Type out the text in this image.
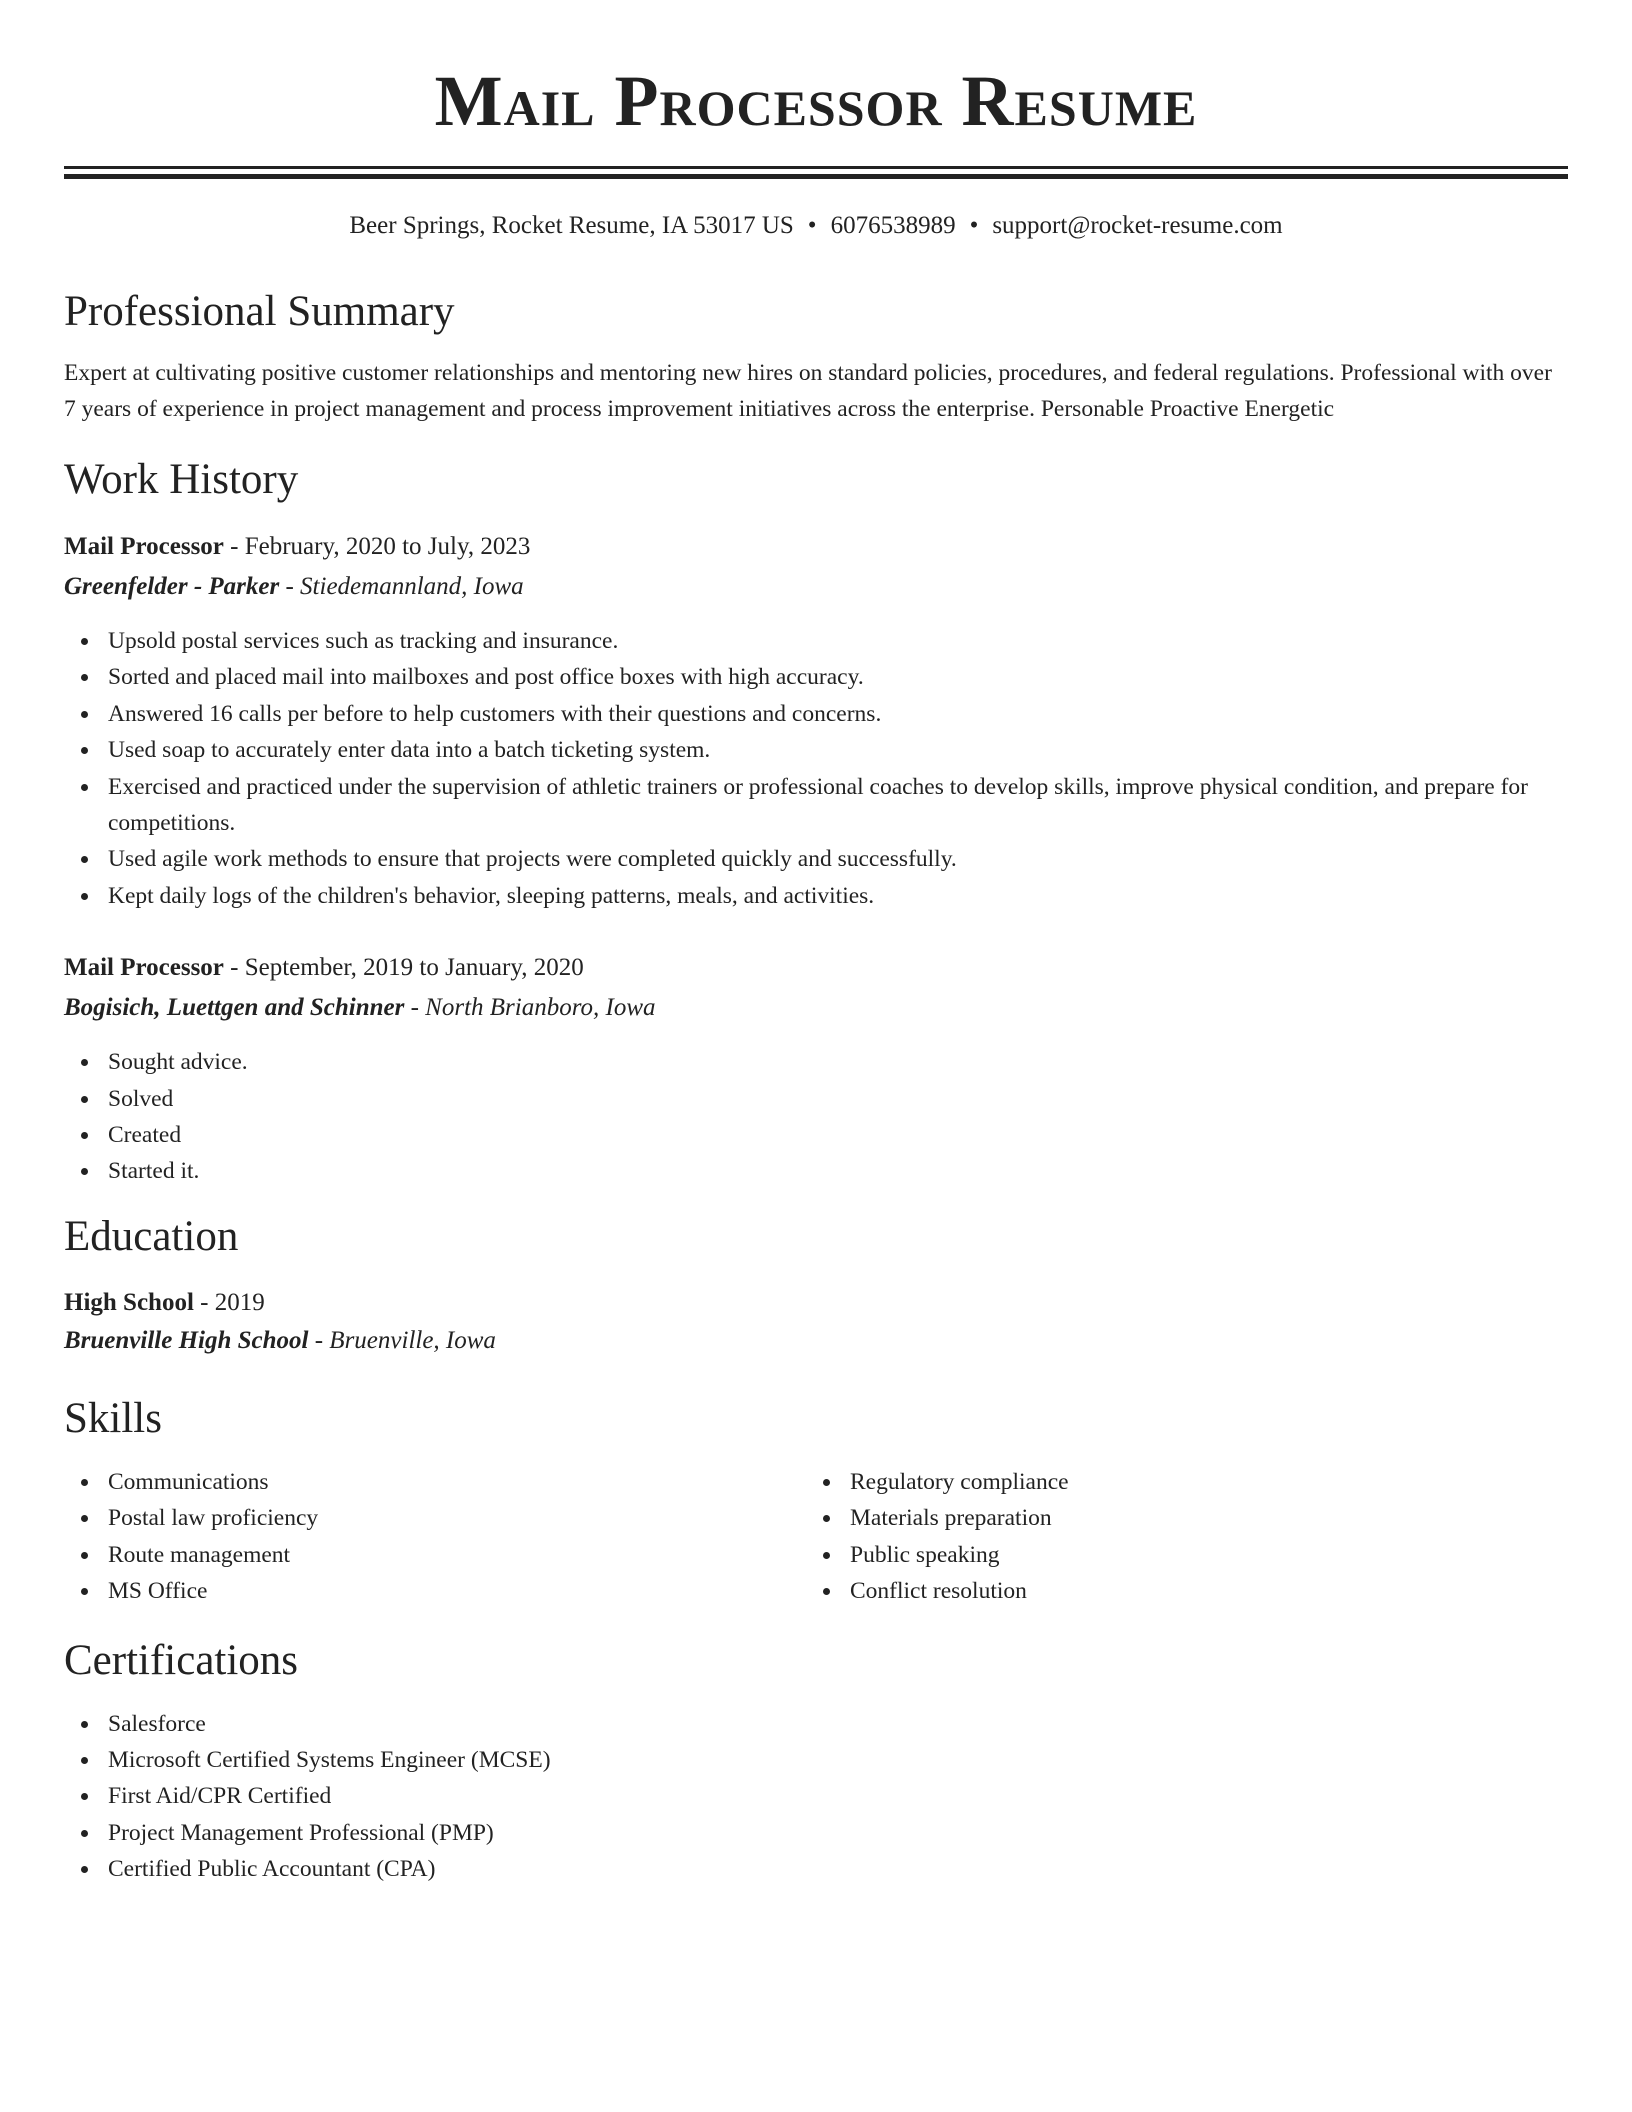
Mail Processor Resume
Beer Springs, Rocket Resume, IA 53017 US • 6076538989 • support@rocket-resume.com
Professional Summary
Expert at cultivating positive customer relationships and mentoring new hires on standard policies, procedures, and federal regulations. Professional with over 7 years of experience in project management and process improvement initiatives across the enterprise. Personable Proactive Energetic
Work History
Mail Processor - February, 2020 to July, 2023
Greenfelder - Parker - Stiedemannland, Iowa
Upsold postal services such as tracking and insurance.
Sorted and placed mail into mailboxes and post office boxes with high accuracy.
Answered 16 calls per before to help customers with their questions and concerns.
Used soap to accurately enter data into a batch ticketing system.
Exercised and practiced under the supervision of athletic trainers or professional coaches to develop skills, improve physical condition, and prepare for competitions.
Used agile work methods to ensure that projects were completed quickly and successfully.
Kept daily logs of the children's behavior, sleeping patterns, meals, and activities.
Mail Processor - September, 2019 to January, 2020
Bogisich, Luettgen and Schinner - North Brianboro, Iowa
Sought advice.
Solved
Created
Started it.
Education
High School - 2019
Bruenville High School - Bruenville, Iowa
Skills
Communications
Postal law proficiency
Route management
MS Office
Regulatory compliance
Materials preparation
Public speaking
Conflict resolution
Certifications
Salesforce
Microsoft Certified Systems Engineer (MCSE)
First Aid/CPR Certified
Project Management Professional (PMP)
Certified Public Accountant (CPA)
